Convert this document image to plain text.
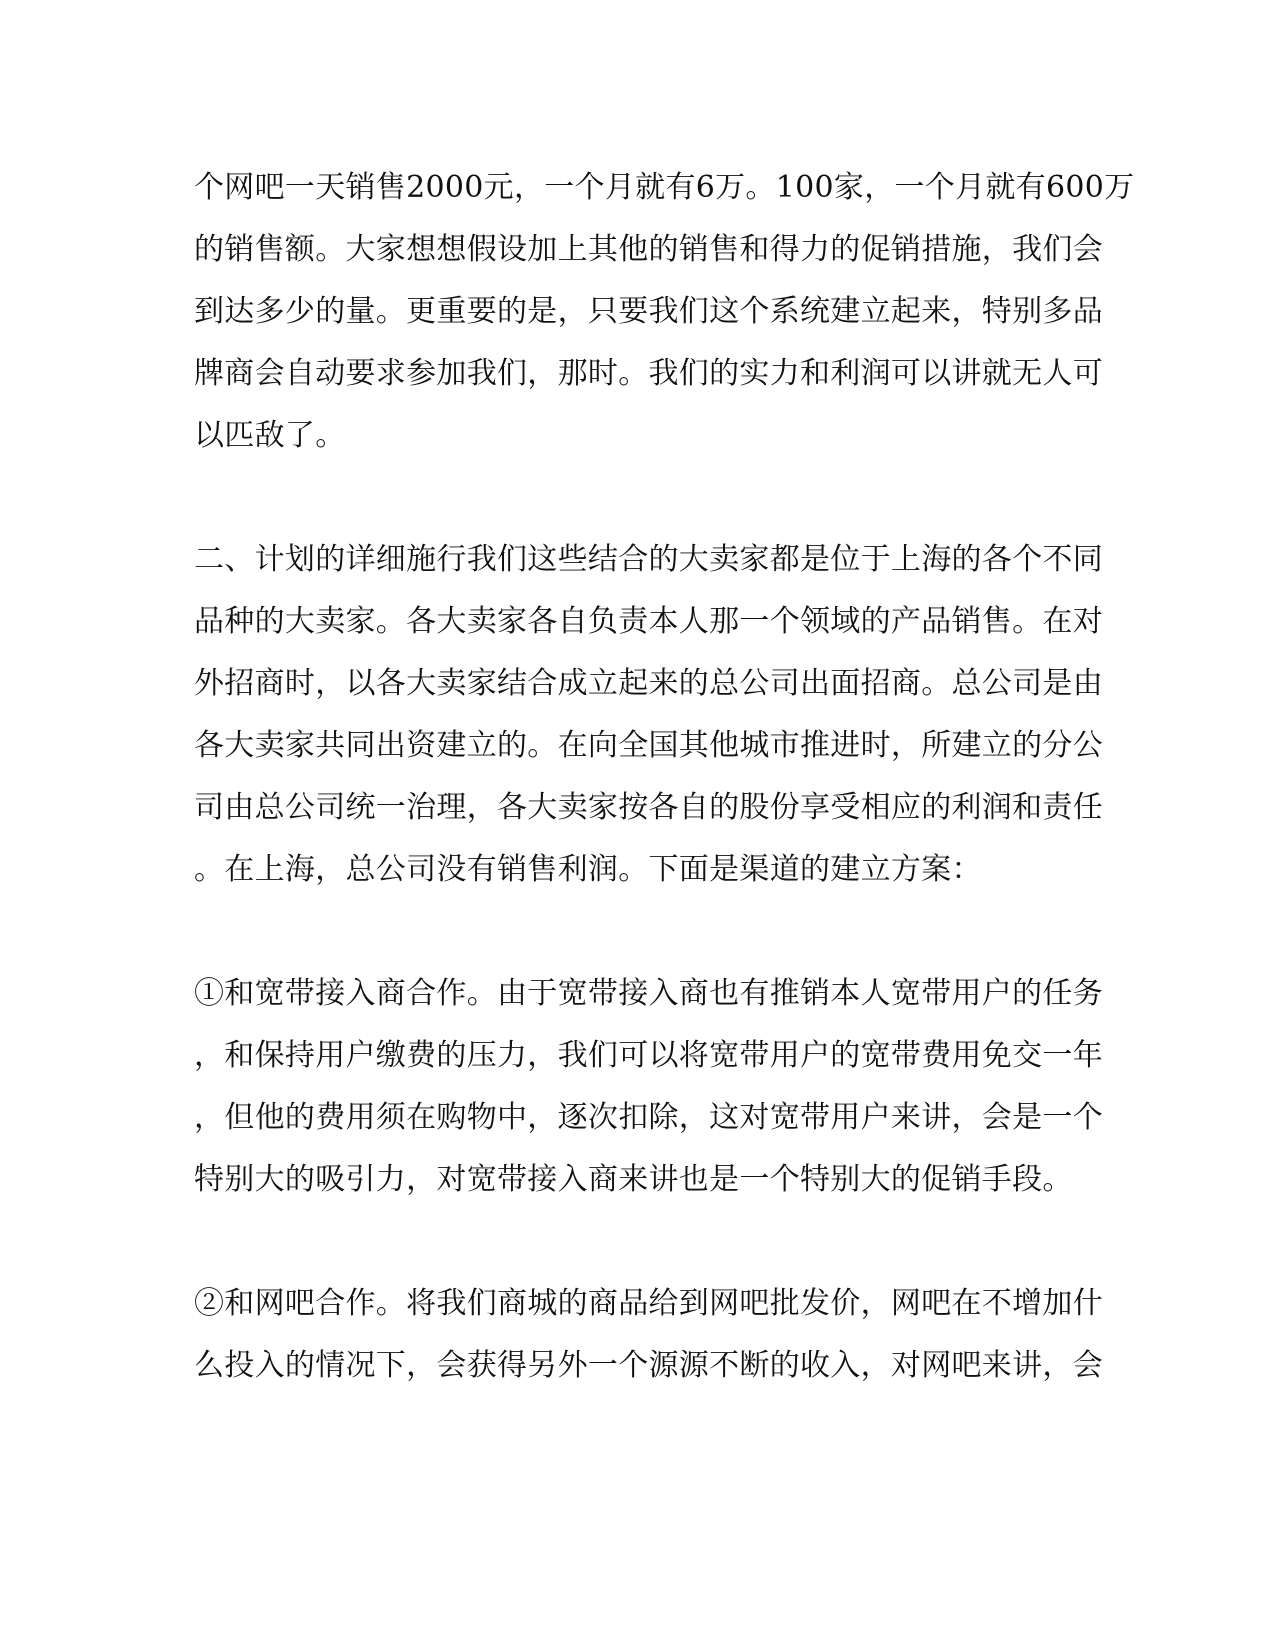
个网吧一天销售2000元，一个月就有6万。100家，一个月就有600万
的销售额。大家想想假设加上其他的销售和得力的促销措施，我们会
到达多少的量。更重要的是，只要我们这个系统建立起来，特别多品
牌商会自动要求参加我们，那时。我们的实力和利润可以讲就无人可
以匹敌了。
二、计划的详细施行我们这些结合的大卖家都是位于上海的各个不同
品种的大卖家。各大卖家各自负责本人那一个领域的产品销售。在对
外招商时，以各大卖家结合成立起来的总公司出面招商。总公司是由
各大卖家共同出资建立的。在向全国其他城市推进时，所建立的分公
司由总公司统一治理，各大卖家按各自的股份享受相应的利润和责任
。在上海，总公司没有销售利润。下面是渠道的建立方案：
①和宽带接入商合作。由于宽带接入商也有推销本人宽带用户的任务
，和保持用户缴费的压力，我们可以将宽带用户的宽带费用免交一年
，但他的费用须在购物中，逐次扣除，这对宽带用户来讲，会是一个
特别大的吸引力，对宽带接入商来讲也是一个特别大的促销手段。
②和网吧合作。将我们商城的商品给到网吧批发价，网吧在不增加什
么投入的情况下，会获得另外一个源源不断的收入，对网吧来讲，会
